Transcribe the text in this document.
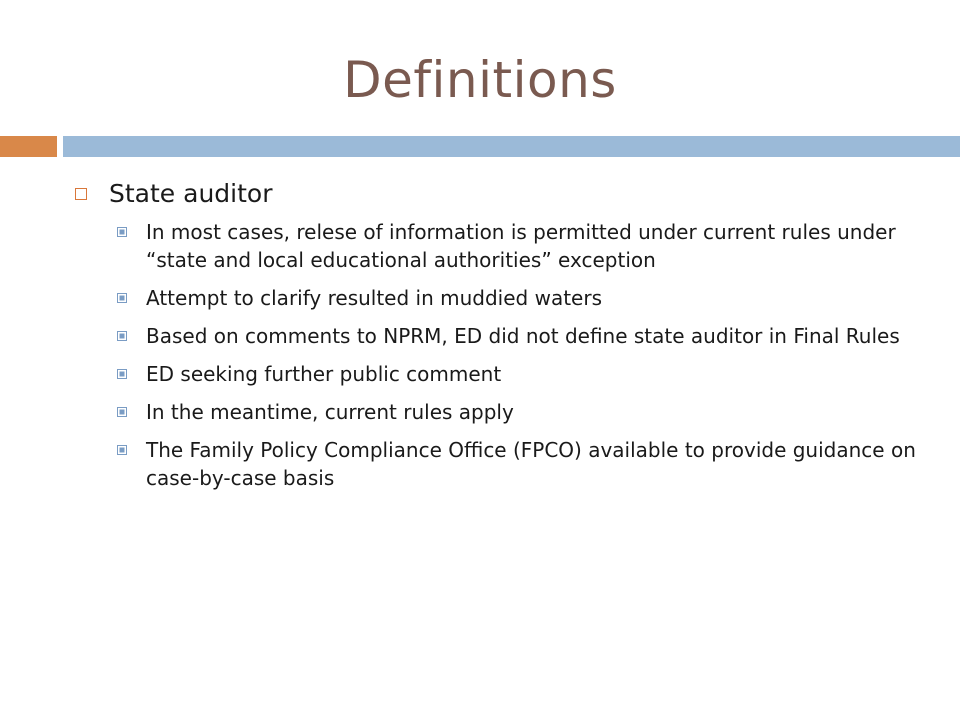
Definitions
State auditor
In most cases, relese of information is permitted under current rules under “state and local educational authorities” exception
Attempt to clarify resulted in muddied waters
Based on comments to NPRM, ED did not define state auditor in Final Rules
ED seeking further public comment
In the meantime, current rules apply
The Family Policy Compliance Office (FPCO) available to provide guidance on case-by-case basis
